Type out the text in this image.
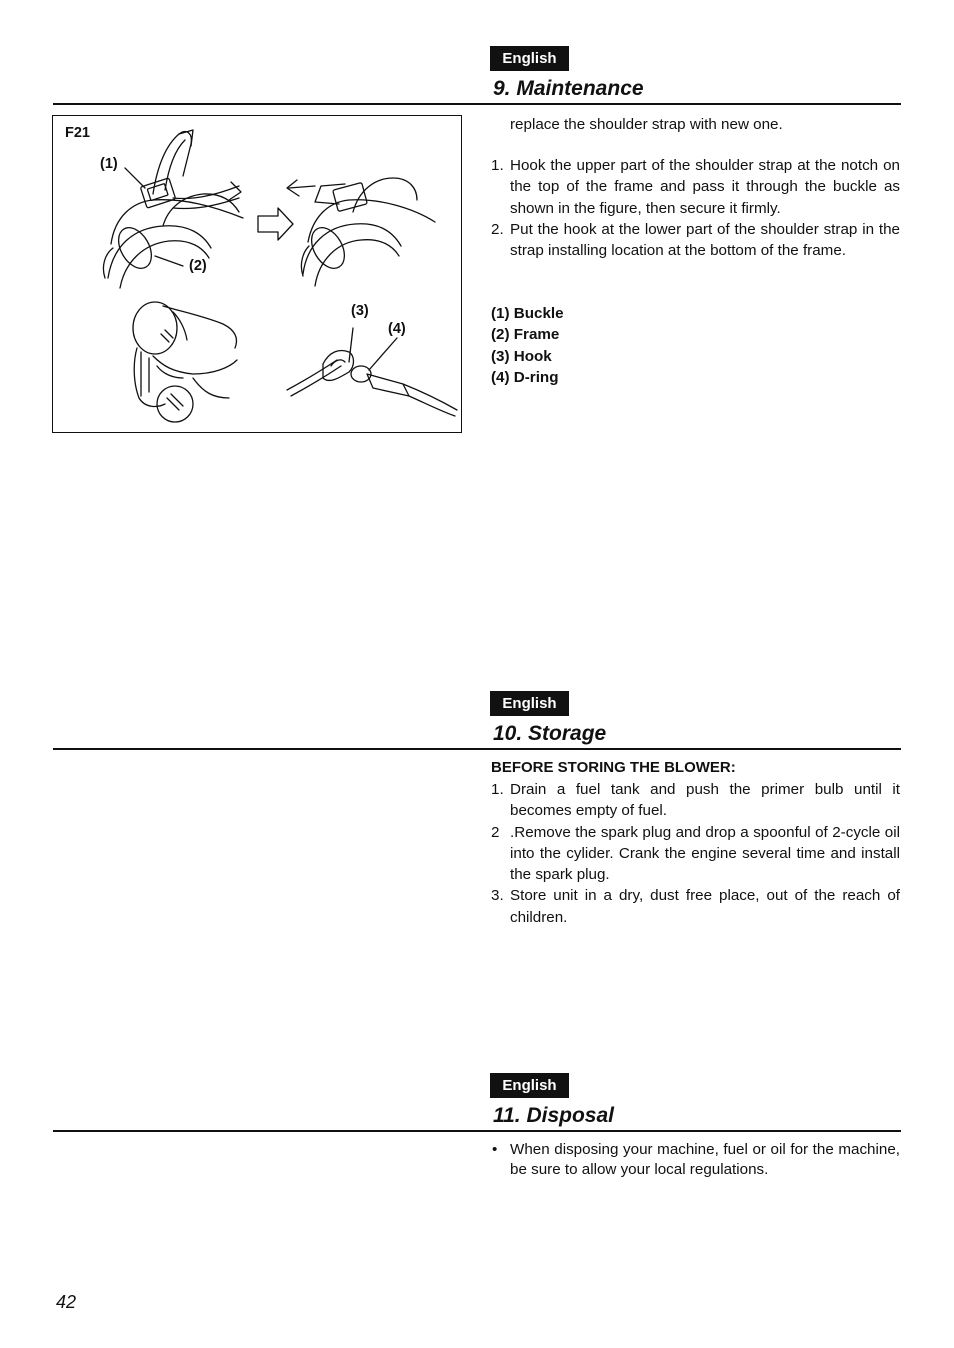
English
9. Maintenance
F21
(1)
(2)
(3)
(4)

replace the shoulder strap with new one.

1. Hook the upper part of the shoulder strap at the notch on the top of the frame and pass it through the buckle as shown in the figure, then secure it firmly.
2. Put the hook at the lower part of the shoulder strap in the strap installing location at the bottom of the frame.
(1) Buckle
(2) Frame
(3) Hook
(4) D-ring
English
10. Storage
BEFORE STORING THE BLOWER:
1. Drain a fuel tank and push the primer bulb until it becomes empty of fuel.
2 .Remove the spark plug and drop a spoonful of 2-cycle oil into the cylider. Crank the engine several time and install the spark plug.
3. Store unit in a dry, dust free place, out of the reach of children.
English
11. Disposal
• When disposing your machine, fuel or oil for the machine, be sure to allow your local regulations.
42
